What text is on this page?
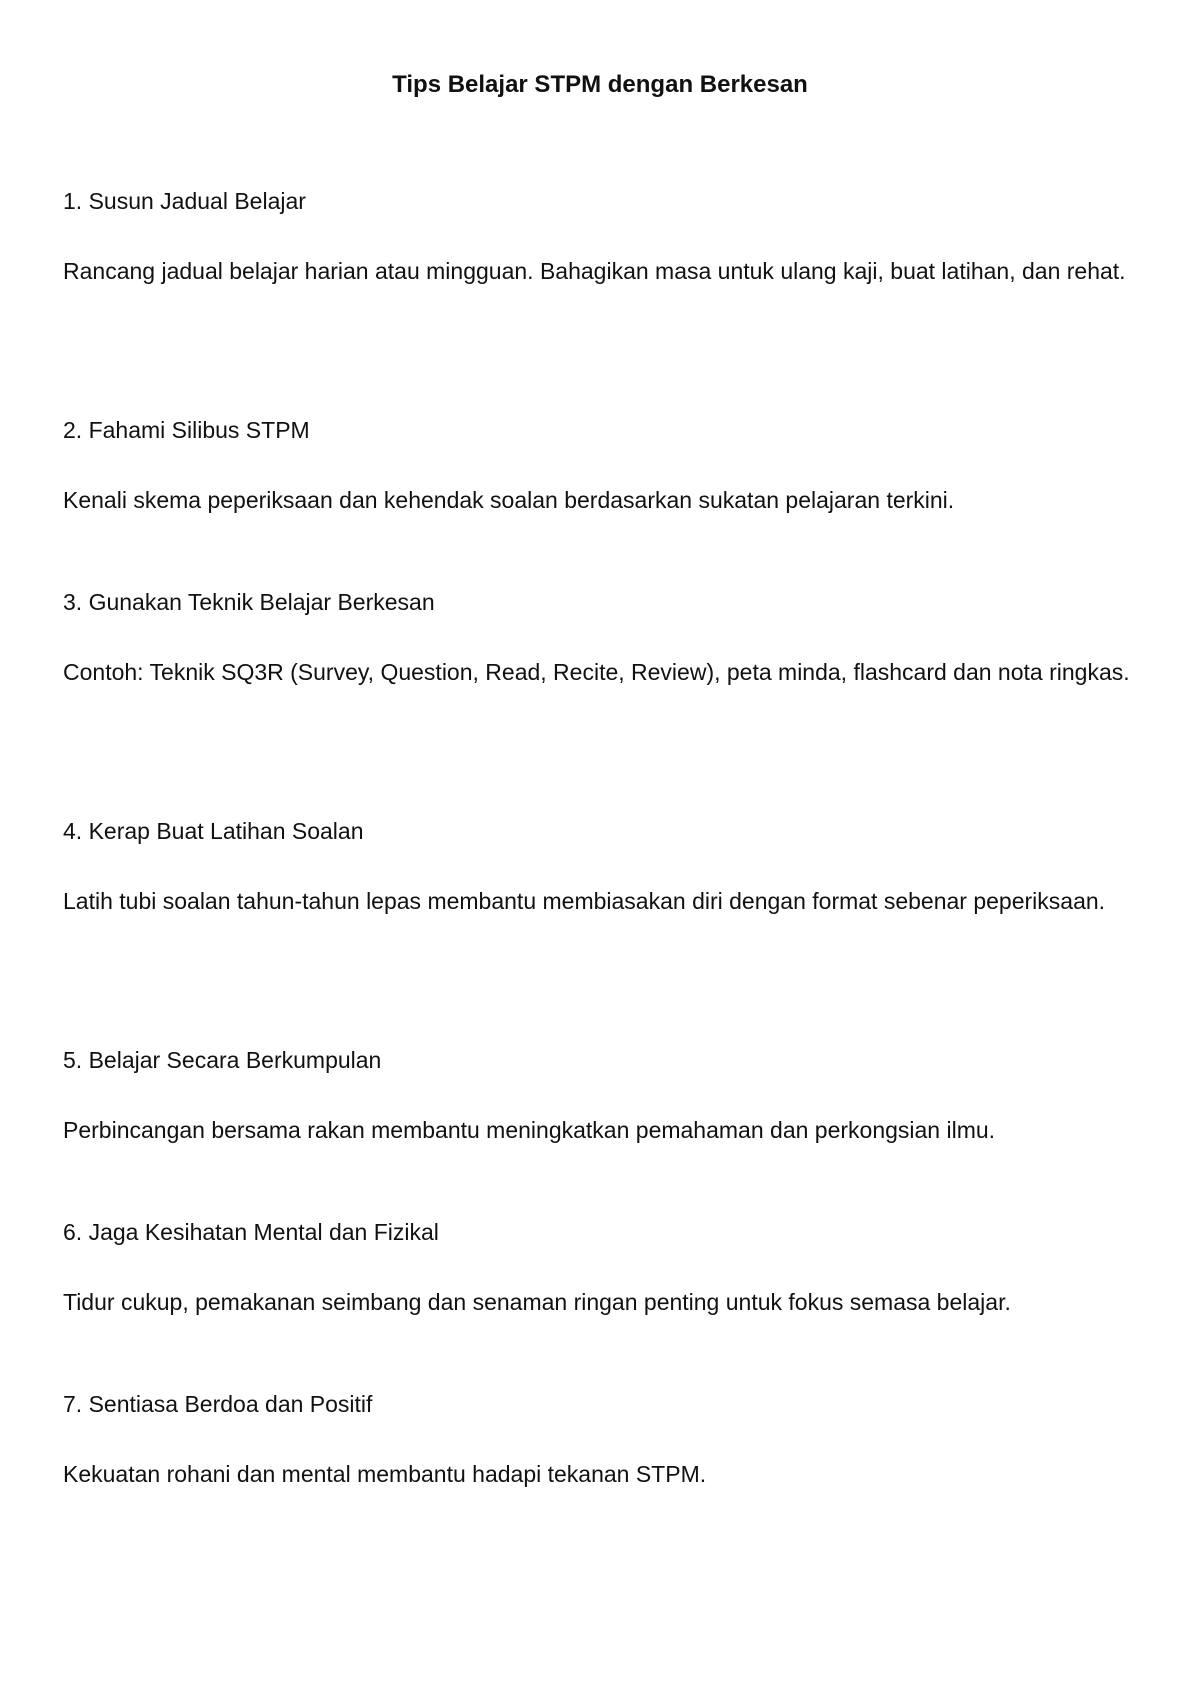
Tips Belajar STPM dengan Berkesan

1. Susun Jadual Belajar

Rancang jadual belajar harian atau mingguan. Bahagikan masa untuk ulang kaji, buat latihan, dan rehat.

2. Fahami Silibus STPM

Kenali skema peperiksaan dan kehendak soalan berdasarkan sukatan pelajaran terkini.

3. Gunakan Teknik Belajar Berkesan

Contoh: Teknik SQ3R (Survey, Question, Read, Recite, Review), peta minda, flashcard dan nota ringkas.

4. Kerap Buat Latihan Soalan

Latih tubi soalan tahun-tahun lepas membantu membiasakan diri dengan format sebenar peperiksaan.

5. Belajar Secara Berkumpulan

Perbincangan bersama rakan membantu meningkatkan pemahaman dan perkongsian ilmu.

6. Jaga Kesihatan Mental dan Fizikal

Tidur cukup, pemakanan seimbang dan senaman ringan penting untuk fokus semasa belajar.

7. Sentiasa Berdoa dan Positif

Kekuatan rohani dan mental membantu hadapi tekanan STPM.
